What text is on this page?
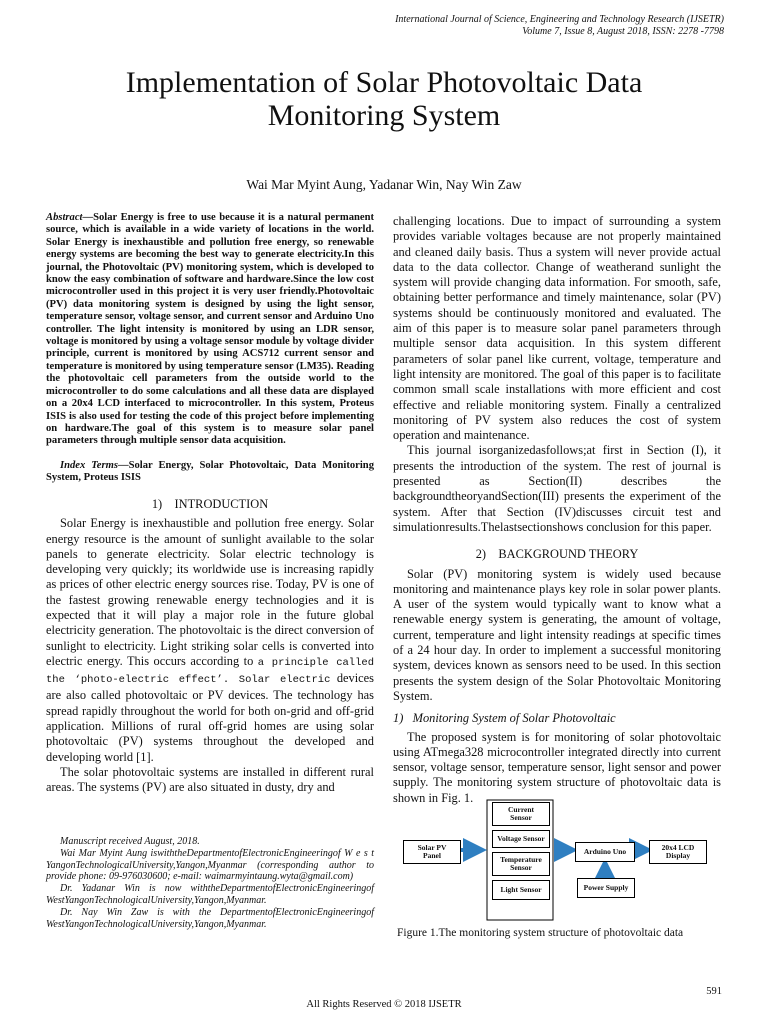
International Journal of Science, Engineering and Technology Research (IJSETR)
Volume 7, Issue 8, August 2018, ISSN: 2278 -7798
Implementation of Solar Photovoltaic Data
Monitoring System
Wai Mar Myint Aung, Yadanar Win, Nay Win Zaw

Abstract—Solar Energy is free to use because it is a natural permanent source, which is available in a wide variety of locations in the world. Solar Energy is inexhaustible and pollution free energy, so renewable energy systems are becoming the best way to generate electricity.In this journal, the Photovoltaic (PV) monitoring system, which is developed to know the easy combination of software and hardware.Since the low cost microcontroller used in this project it is very user friendly.Photovoltaic (PV) data monitoring system is designed by using the light sensor, temperature sensor, voltage sensor, and current sensor and Arduino Uno controller. The light intensity is monitored by using an LDR sensor, voltage is monitored by using a voltage sensor module by voltage divider principle, current is monitored by using ACS712 current sensor and temperature is monitored by using temperature sensor (LM35). Reading the photovoltaic cell parameters from the outside world to the microcontroller to do some calculations and all these data are displayed on a 20x4 LCD interfaced to microcontroller. In this system, Proteus ISIS is also used for testing the code of this project before implementing on hardware.The goal of this system is to measure solar panel parameters through multiple sensor data acquisition.

Index Terms—Solar Energy, Solar Photovoltaic, Data Monitoring System, Proteus ISIS

1)    INTRODUCTION

Solar Energy is inexhaustible and pollution free energy. Solar energy resource is the amount of sunlight available to the solar panels to generate electricity. Solar electric technology is developing very quickly; its worldwide use is increasing rapidly as prices of other electric energy sources rise. Today, PV is one of the fastest growing renewable energy technologies and it is expected that it will play a major role in the future global electricity generation. The photovoltaic is the direct conversion of sunlight to electricity. Light striking solar cells is converted into electric energy. This occurs according to a principle called the ‘photo-electric effect’. Solar electric devices are also called photovoltaic or PV devices. The technology has spread rapidly throughout the world for both on-grid and off-grid application. Millions of rural off-grid homes are using solar photovoltaic (PV) systems throughout the developed and developing world [1].

The solar photovoltaic systems are installed in different rural areas. The systems (PV) are also situated in dusty, dry and

Manuscript received August, 2018.

Wai Mar Myint Aung iswiththeDepartmentofElectronicEngineeringof W e s t YangonTechnologicalUniversity,Yangon,Myanmar (corresponding author to provide phone: 09-976030600; e-mail: waimarmyintaung.wyta@gmail.com)

Dr. Yadanar Win is now withtheDepartmentofElectronicEngineeringof WestYangonTechnologicalUniversity,Yangon,Myanmar.

Dr. Nay Win Zaw is with the DepartmentofElectronicEngineeringof WestYangonTechnologicalUniversity,Yangon,Myanmar.

challenging locations. Due to impact of surrounding a system provides variable voltages because are not properly maintained and cleaned daily basis. Thus a system will never provide actual data to the data collector. Change of weatherand sunlight the system will provide changing data information. For smooth, safe, obtaining better performance and timely maintenance, solar (PV) systems should be continuously monitored and evaluated. The aim of this paper is to measure solar panel parameters through multiple sensor data acquisition. In this system different parameters of solar panel like current, voltage, temperature and light intensity are monitored. The goal of this paper is to facilitate common small scale installations with more efficient and cost effective and reliable monitoring system. Finally a centralized monitoring of PV system also reduces the cost of system operation and maintenance.

This journal isorganizedasfollows;at first in Section (I), it presents the introduction of the system. The rest of journal is presented as Section(II) describes the backgroundtheoryandSection(III) presents the experiment of the system. After that Section (IV)discusses circuit test and simulationresults.Thelastsectionshows conclusion for this paper.

2)    BACKGROUND THEORY

Solar (PV) monitoring system is widely used because monitoring and maintenance plays key role in solar power plants. A user of the system would typically want to know what a renewable energy system is generating, the amount of voltage, current, temperature and light intensity readings at specific times of a 24 hour day. In order to implement a successful monitoring system, devices known as sensors need to be used. In this section presents the system design of the Solar Photovoltaic Monitoring System.

1) Monitoring System of Solar Photovoltaic

The proposed system is for monitoring of solar photovoltaic using ATmega328 microcontroller integrated directly into current sensor, voltage sensor, temperature sensor, light sensor and power supply. The monitoring system structure of photovoltaic data is shown in Fig. 1.

Solar PV
Panel
Current
Sensor
Voltage Sensor
Temperature
Sensor
Light Sensor
Arduino Uno	20x4 LCD
Display
Power Supply
Figure 1.The monitoring system structure of photovoltaic data
591
All Rights Reserved © 2018 IJSETR
